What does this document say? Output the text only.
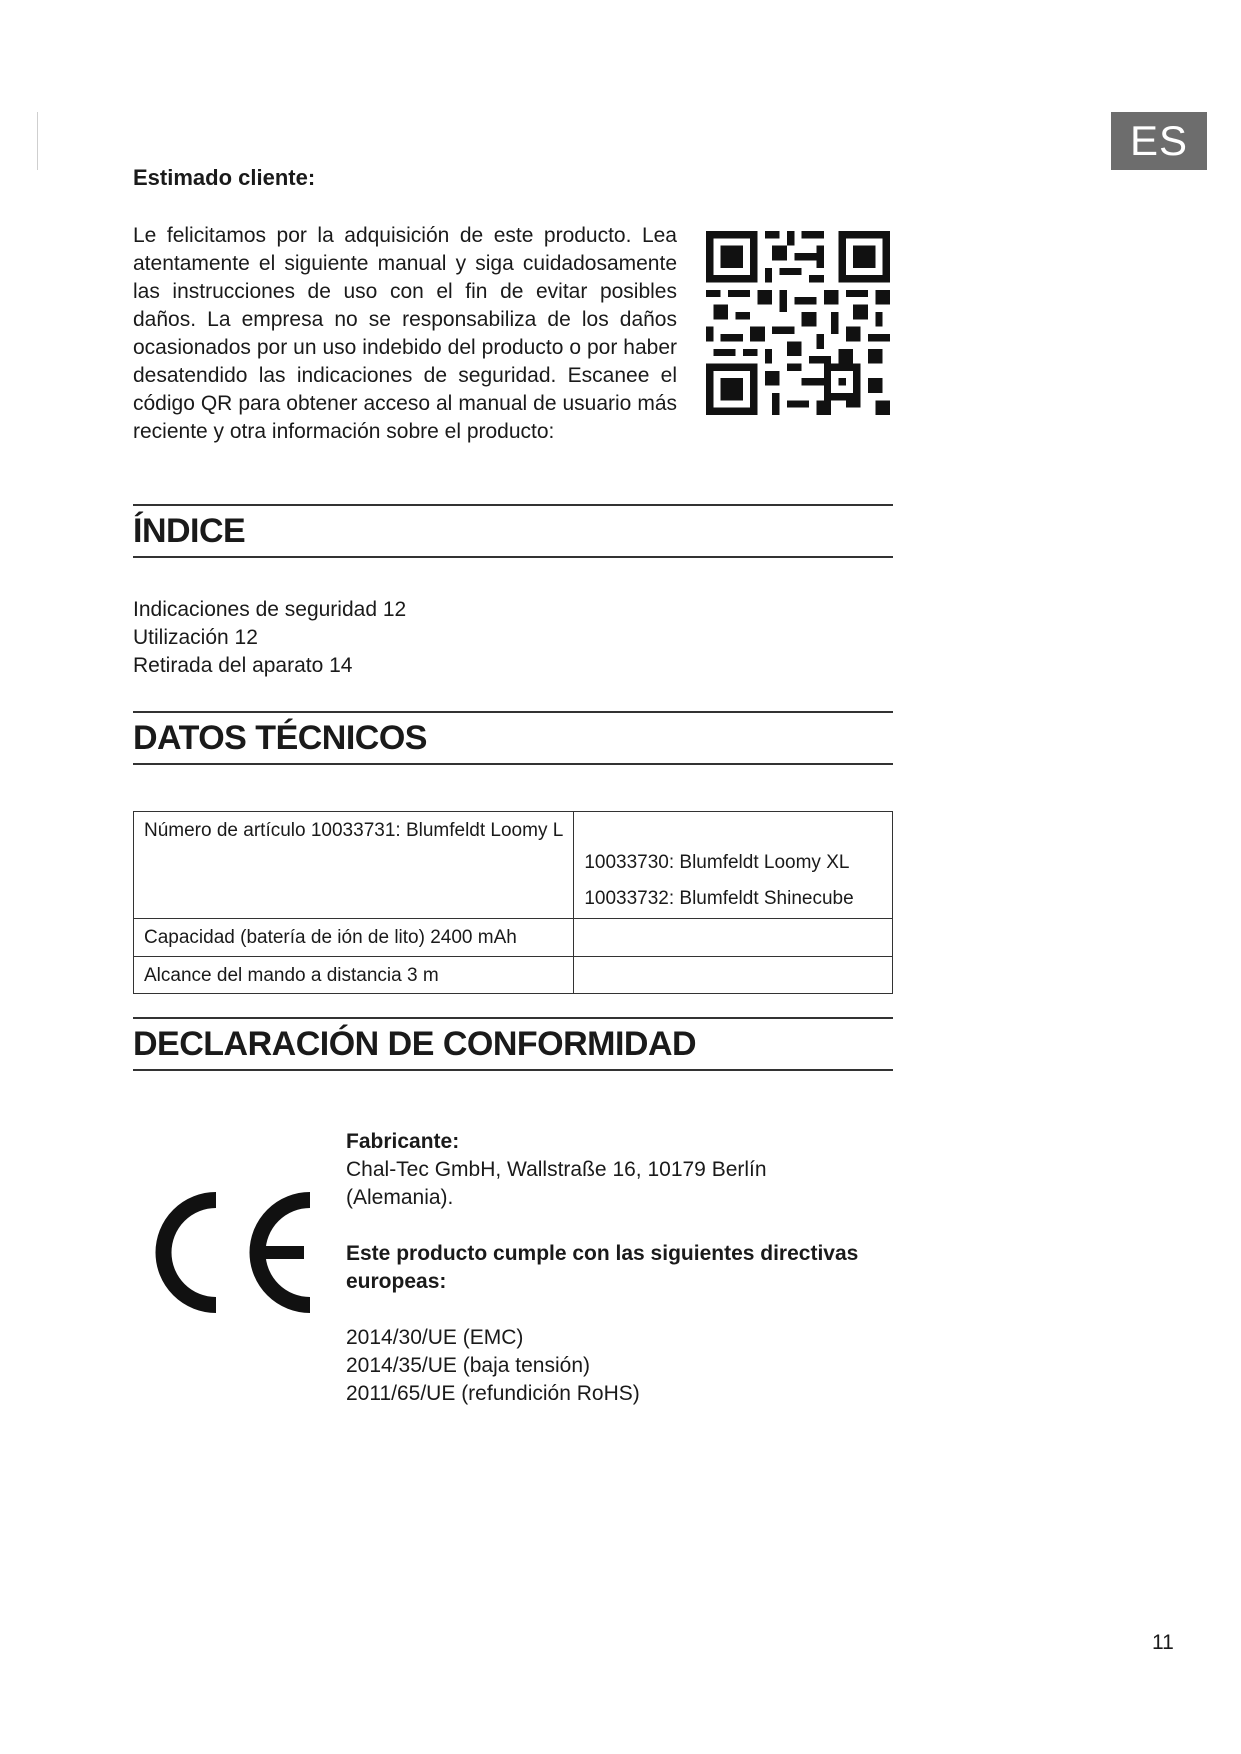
ES
Estimado cliente:
Le felicitamos por la adquisición de este producto. Lea atentamente el siguiente manual y siga cuidadosamente las instrucciones de uso con el fin de evitar posibles daños. La empresa no se responsabiliza de los daños ocasionados por un uso indebido del producto o por haber desatendido las indicaciones de seguridad. Escanee el código QR para obtener acceso al manual de usuario más reciente y otra información sobre el producto:
ÍNDICE
Indicaciones de seguridad 12
Utilización 12
Retirada del aparato 14
DATOS TÉCNICOS
Número de artículo 10033731: Blumfeldt Loomy L	10033730: Blumfeldt Loomy XL
10033732: Blumfeldt Shinecube

Capacidad (batería de ión de lito) 2400 mAh	

Alcance del mando a distancia 3 m	

DECLARACIÓN DE CONFORMIDAD
Fabricante:
Chal-Tec GmbH, Wallstraße 16, 10179 Berlín
(Alemania).
Este producto cumple con las siguientes directivas
europeas:
2014/30/UE (EMC)
2014/35/UE (baja tensión)
2011/65/UE (refundición RoHS)
11
